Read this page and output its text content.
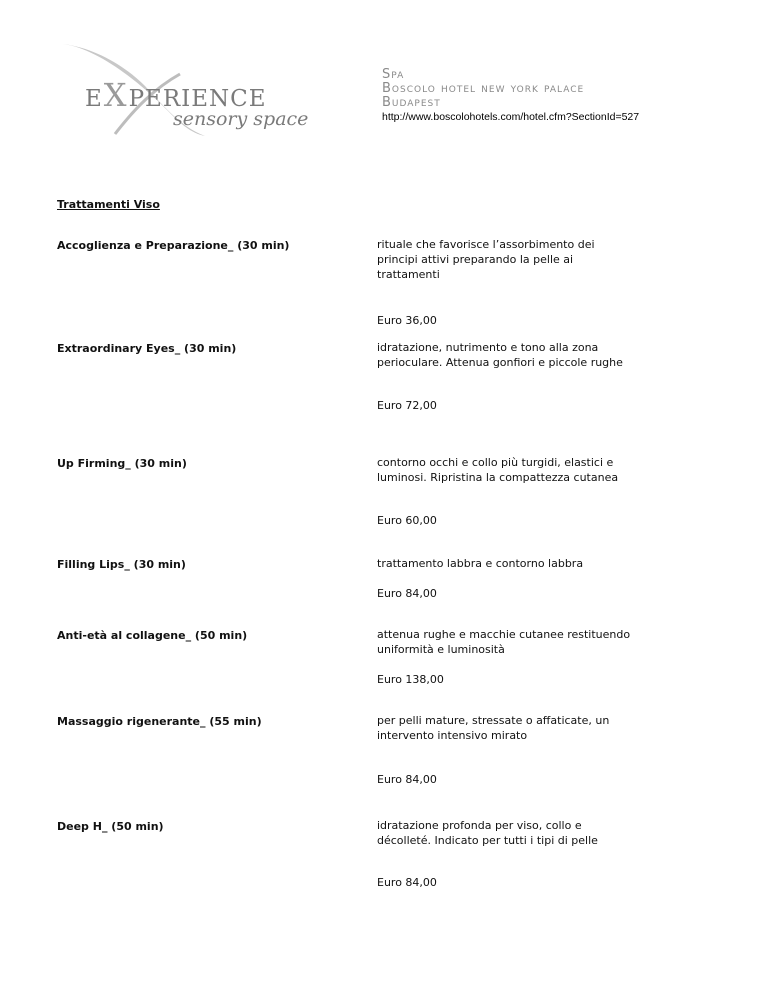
EXPERIENCE
sensory space
Spa
Boscolo hotel new york palace
Budapest
http://www.boscolohotels.com/hotel.cfm?SectionId=527
Trattamenti Viso
Accoglienza e Preparazione_ (30 min)	rituale che favorisce l’assorbimento dei principi attivi preparando la pelle ai trattamenti
Euro 36,00
Extraordinary Eyes_ (30 min)	idratazione, nutrimento e tono alla zona perioculare. Attenua gonfiori e piccole rughe
Euro 72,00
Up Firming_ (30 min)	contorno occhi e collo più turgidi, elastici e luminosi. Ripristina la compattezza cutanea
Euro 60,00
Filling Lips_ (30 min)	trattamento labbra e contorno labbra
Euro 84,00
Anti-età al collagene_ (50 min)	attenua rughe e macchie cutanee restituendo uniformità e luminosità
Euro 138,00
Massaggio rigenerante_ (55 min)	per pelli mature, stressate o affaticate, un intervento intensivo mirato
Euro 84,00
Deep H_ (50 min)	idratazione profonda per viso, collo e décolleté. Indicato per tutti i tipi di pelle
Euro 84,00
